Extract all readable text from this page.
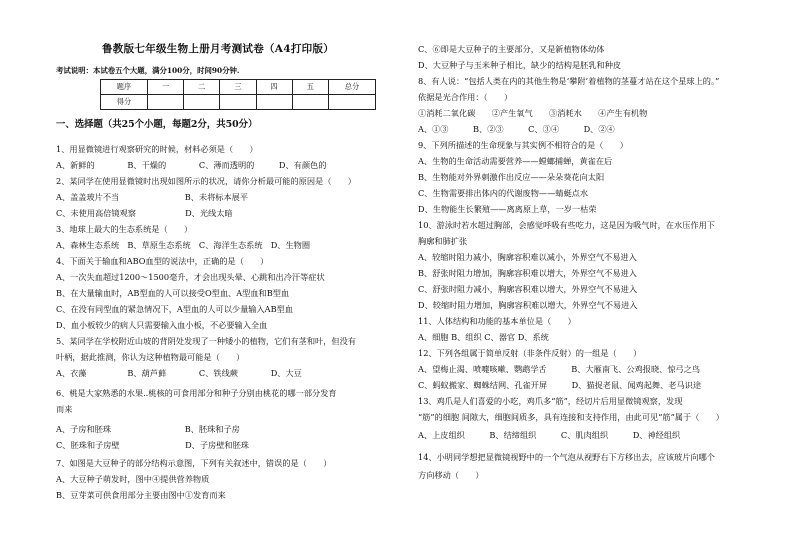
鲁教版七年级生物上册月考测试卷（A4打印版）
考试说明：本试卷五个大题，满分100分，时间90分钟.
题序	一	二	三	四	五	总分
得分						
一、选择题（共25个小题，每题2分，共50分）
1、用显微镜进行观察研究的时候，材料必须是（　　）
A、新鲜的　　　　B、干燥的　　　　C、薄而透明的　　　D、有颜色的
2、某同学在使用显微镜时出现如图所示的状况，请你分析最可能的原因是（　　）
A、盖盖玻片不当　　　　　　　　B、未将标本展平
C、未使用高倍镜观察　　　　　　D、光线太暗
3、地球上最大的生态系统是（　　）
A、森林生态系统　B、草原生态系统　C、海洋生态系统　D、生物圈
4、下面关于输血和ABO血型的说法中，正确的是（　　）
A、一次失血超过1200～1500毫升，才会出现头晕、心跳和出冷汗等症状
B、在大量输血时，AB型血的人可以接受O型血、A型血和B型血
C、在没有同型血的紧急情况下，A型血的人可以少量输入AB型血
D、血小板较少的病人只需要输入血小板，不必要输入全血
5、某同学在学校附近山坡的背阴处发现了一种矮小的植物，它们有茎和叶，但没有
叶柄，据此推测，你认为这种植物最可能是（　　）
A、衣藻　　　　　B、葫芦藓　　　　C、铁线蕨　　　　D、大豆
6、桃是大家熟悉的水果..桃核的可食用部分和种子分别由桃花的哪一部分发育
而来
A、子房和胚珠　　　　　　　　　B、胚珠和子房
C、胚珠和子房壁　　　　　　　　D、子房壁和胚珠
7、如图是大豆种子的部分结构示意图，下列有关叙述中，错误的是（　　）
A、大豆种子萌发时，图中④提供营养物质
B、豆芽菜可供食用部分主要由图中①发育而来
C、⑥即是大豆种子的主要部分，又是新植物体幼体
D、大豆种子与玉米种子相比，缺少的结构是胚乳和种皮
8、有人说：“包括人类在内的其他生物是‘攀附’着植物的茎蔓才站在这个星球上的。”
依据是光合作用：（　　）
①消耗二氧化碳　　②产生氧气　　③消耗水　　④产生有机物
A、①③　　　B、②③　　　C、③④　　　D、②④
9、下列所描述的生命现象与其实例不相符合的是（　　）
A、生物的生命活动需要营养——螳螂捕蝉，黄雀在后
B、生物能对外界刺激作出反应——朵朵葵花向太阳
C、生物需要排出体内的代谢废物——蜻蜓点水
D、生物能生长繁殖——离离原上草，一岁一枯荣
10、游泳时若水超过胸部，会感觉呼吸有些吃力，这是因为吸气时，在水压作用下
胸廓和肺扩张
A、较缩时阻力减小，胸廓容积难以减小，外界空气不易进入
B、舒张时阻力增加，胸廓容积难以增大，外界空气不易进入
C、舒张时阻力减小，胸廓容积难以增大，外界空气不易进入
D、较缩时阻力增加，胸廓容积难以增大，外界空气不易进入
11、人体结构和功能的基本单位是（　　）
A、细胞 B、组织 C、器官 D、系统
12、下列各组属于简单反射（非条件反射）的一组是（　　）
A、望梅止渴、喷嚏咳嗽、鹦鹉学舌　　　B、大雁南飞、公鸡报晓、惊弓之鸟
C、蚂蚁搬家、蜘蛛结网、孔雀开屏　　　D、猫捉老鼠、闻鸡起舞、老马识途
13、鸡爪是人们喜爱的小吃，鸡爪多“筋”，经切片后用显微镜观察，发现
“筋”的细胞 间隙大，细胞间质多，具有连接和支持作用，由此可见“筋”属于（　　）
A、上皮组织　　　B、结缔组织　　　C、肌肉组织　　　D、神经组织
14、小明同学想把显微镜视野中的一个气泡从视野右下方移出去，应该玻片向哪个
方向移动（　　）
